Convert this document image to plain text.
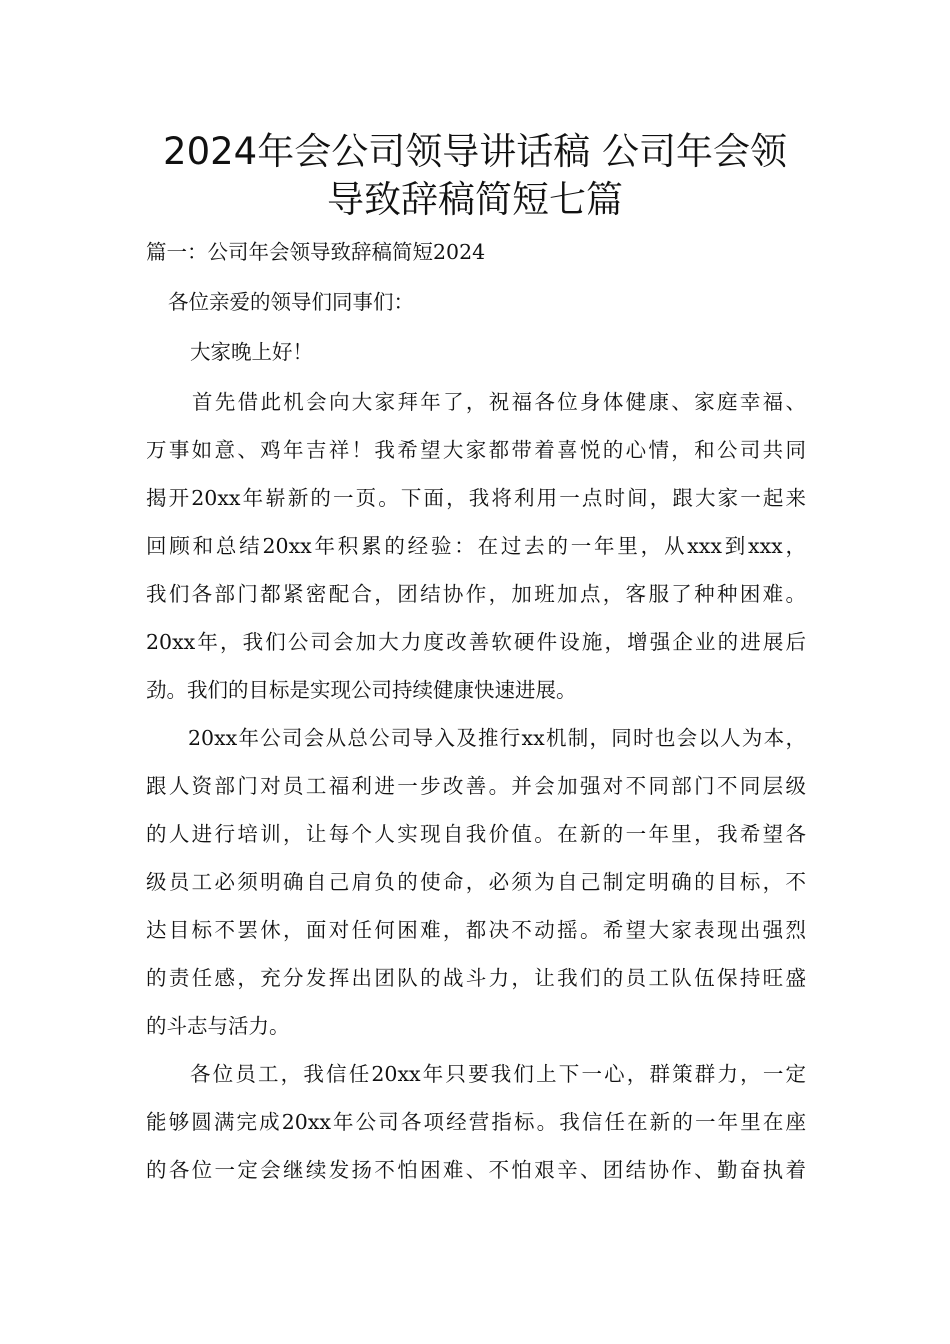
2024年会公司领导讲话稿 公司年会领
导致辞稿简短七篇
篇一：公司年会领导致辞稿简短2024
各位亲爱的领导们同事们：
大家晚上好！
首先借此机会向大家拜年了，祝福各位身体健康、家庭幸福、
万事如意、鸡年吉祥！我希望大家都带着喜悦的心情，和公司共同
揭开20xx年崭新的一页。下面，我将利用一点时间，跟大家一起来
回顾和总结20xx年积累的经验：在过去的一年里，从xxx到xxx，
我们各部门都紧密配合，团结协作，加班加点，客服了种种困难。
20xx年，我们公司会加大力度改善软硬件设施，增强企业的进展后
劲。我们的目标是实现公司持续健康快速进展。
20xx年公司会从总公司导入及推行xx机制，同时也会以人为本，
跟人资部门对员工福利进一步改善。并会加强对不同部门不同层级
的人进行培训，让每个人实现自我价值。在新的一年里，我希望各
级员工必须明确自己肩负的使命，必须为自己制定明确的目标，不
达目标不罢休，面对任何困难，都决不动摇。希望大家表现出强烈
的责任感，充分发挥出团队的战斗力，让我们的员工队伍保持旺盛
的斗志与活力。
各位员工，我信任20xx年只要我们上下一心，群策群力，一定
能够圆满完成20xx年公司各项经营指标。我信任在新的一年里在座
的各位一定会继续发扬不怕困难、不怕艰辛、团结协作、勤奋执着
